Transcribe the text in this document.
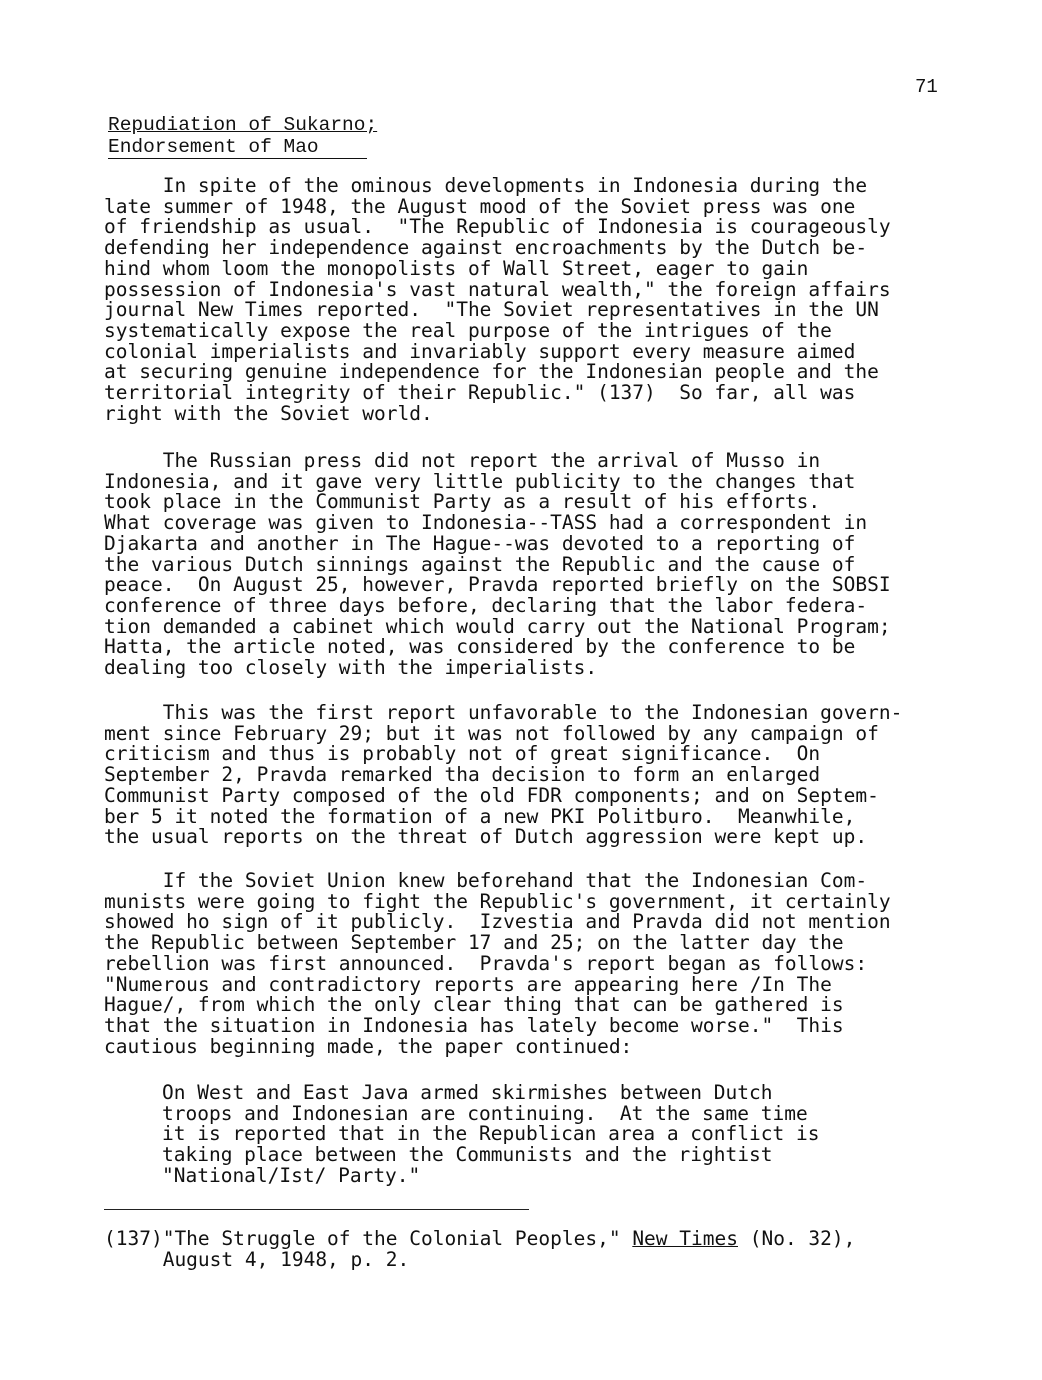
71
Repudiation of Sukarno;
Endorsement of Mao
In spite of the ominous developments in Indonesia during the
late summer of 1948, the August mood of the Soviet press was one
of friendship as usual.  "The Republic of Indonesia is courageously
defending her independence against encroachments by the Dutch be-
hind whom loom the monopolists of Wall Street, eager to gain
possession of Indonesia's vast natural wealth," the foreign affairs
journal New Times reported.  "The Soviet representatives in the UN
systematically expose the real purpose of the intrigues of the
colonial imperialists and invariably support every measure aimed
at securing genuine independence for the Indonesian people and the
territorial integrity of their Republic." (137)  So far, all was
right with the Soviet world.
The Russian press did not report the arrival of Musso in
Indonesia, and it gave very little publicity to the changes that
took place in the Communist Party as a result of his efforts.
What coverage was given to Indonesia--TASS had a correspondent in
Djakarta and another in The Hague--was devoted to a reporting of
the various Dutch sinnings against the Republic and the cause of
peace.  On August 25, however, Pravda reported briefly on the SOBSI
conference of three days before, declaring that the labor federa-
tion demanded a cabinet which would carry out the National Program;
Hatta, the article noted, was considered by the conference to be
dealing too closely with the imperialists.
This was the first report unfavorable to the Indonesian govern-
ment since February 29; but it was not followed by any campaign of
criticism and thus is probably not of great significance.  On
September 2, Pravda remarked tha decision to form an enlarged
Communist Party composed of the old FDR components; and on Septem-
ber 5 it noted the formation of a new PKI Politburo.  Meanwhile,
the usual reports on the threat of Dutch aggression were kept up.
If the Soviet Union knew beforehand that the Indonesian Com-
munists were going to fight the Republic's government, it certainly
showed ho sign of it publicly.  Izvestia and Pravda did not mention
the Republic between September 17 and 25; on the latter day the
rebellion was first announced.  Pravda's report began as follows:
"Numerous and contradictory reports are appearing here /In The
Hague/, from which the only clear thing that can be gathered is
that the situation in Indonesia has lately become worse."  This
cautious beginning made, the paper continued:
On West and East Java armed skirmishes between Dutch
troops and Indonesian are continuing.  At the same time
it is reported that in the Republican area a conflict is
taking place between the Communists and the rightist
"National/Ist/ Party."
(137)"The Struggle of the Colonial Peoples," New Times (No. 32),
August 4, 1948, p. 2.
